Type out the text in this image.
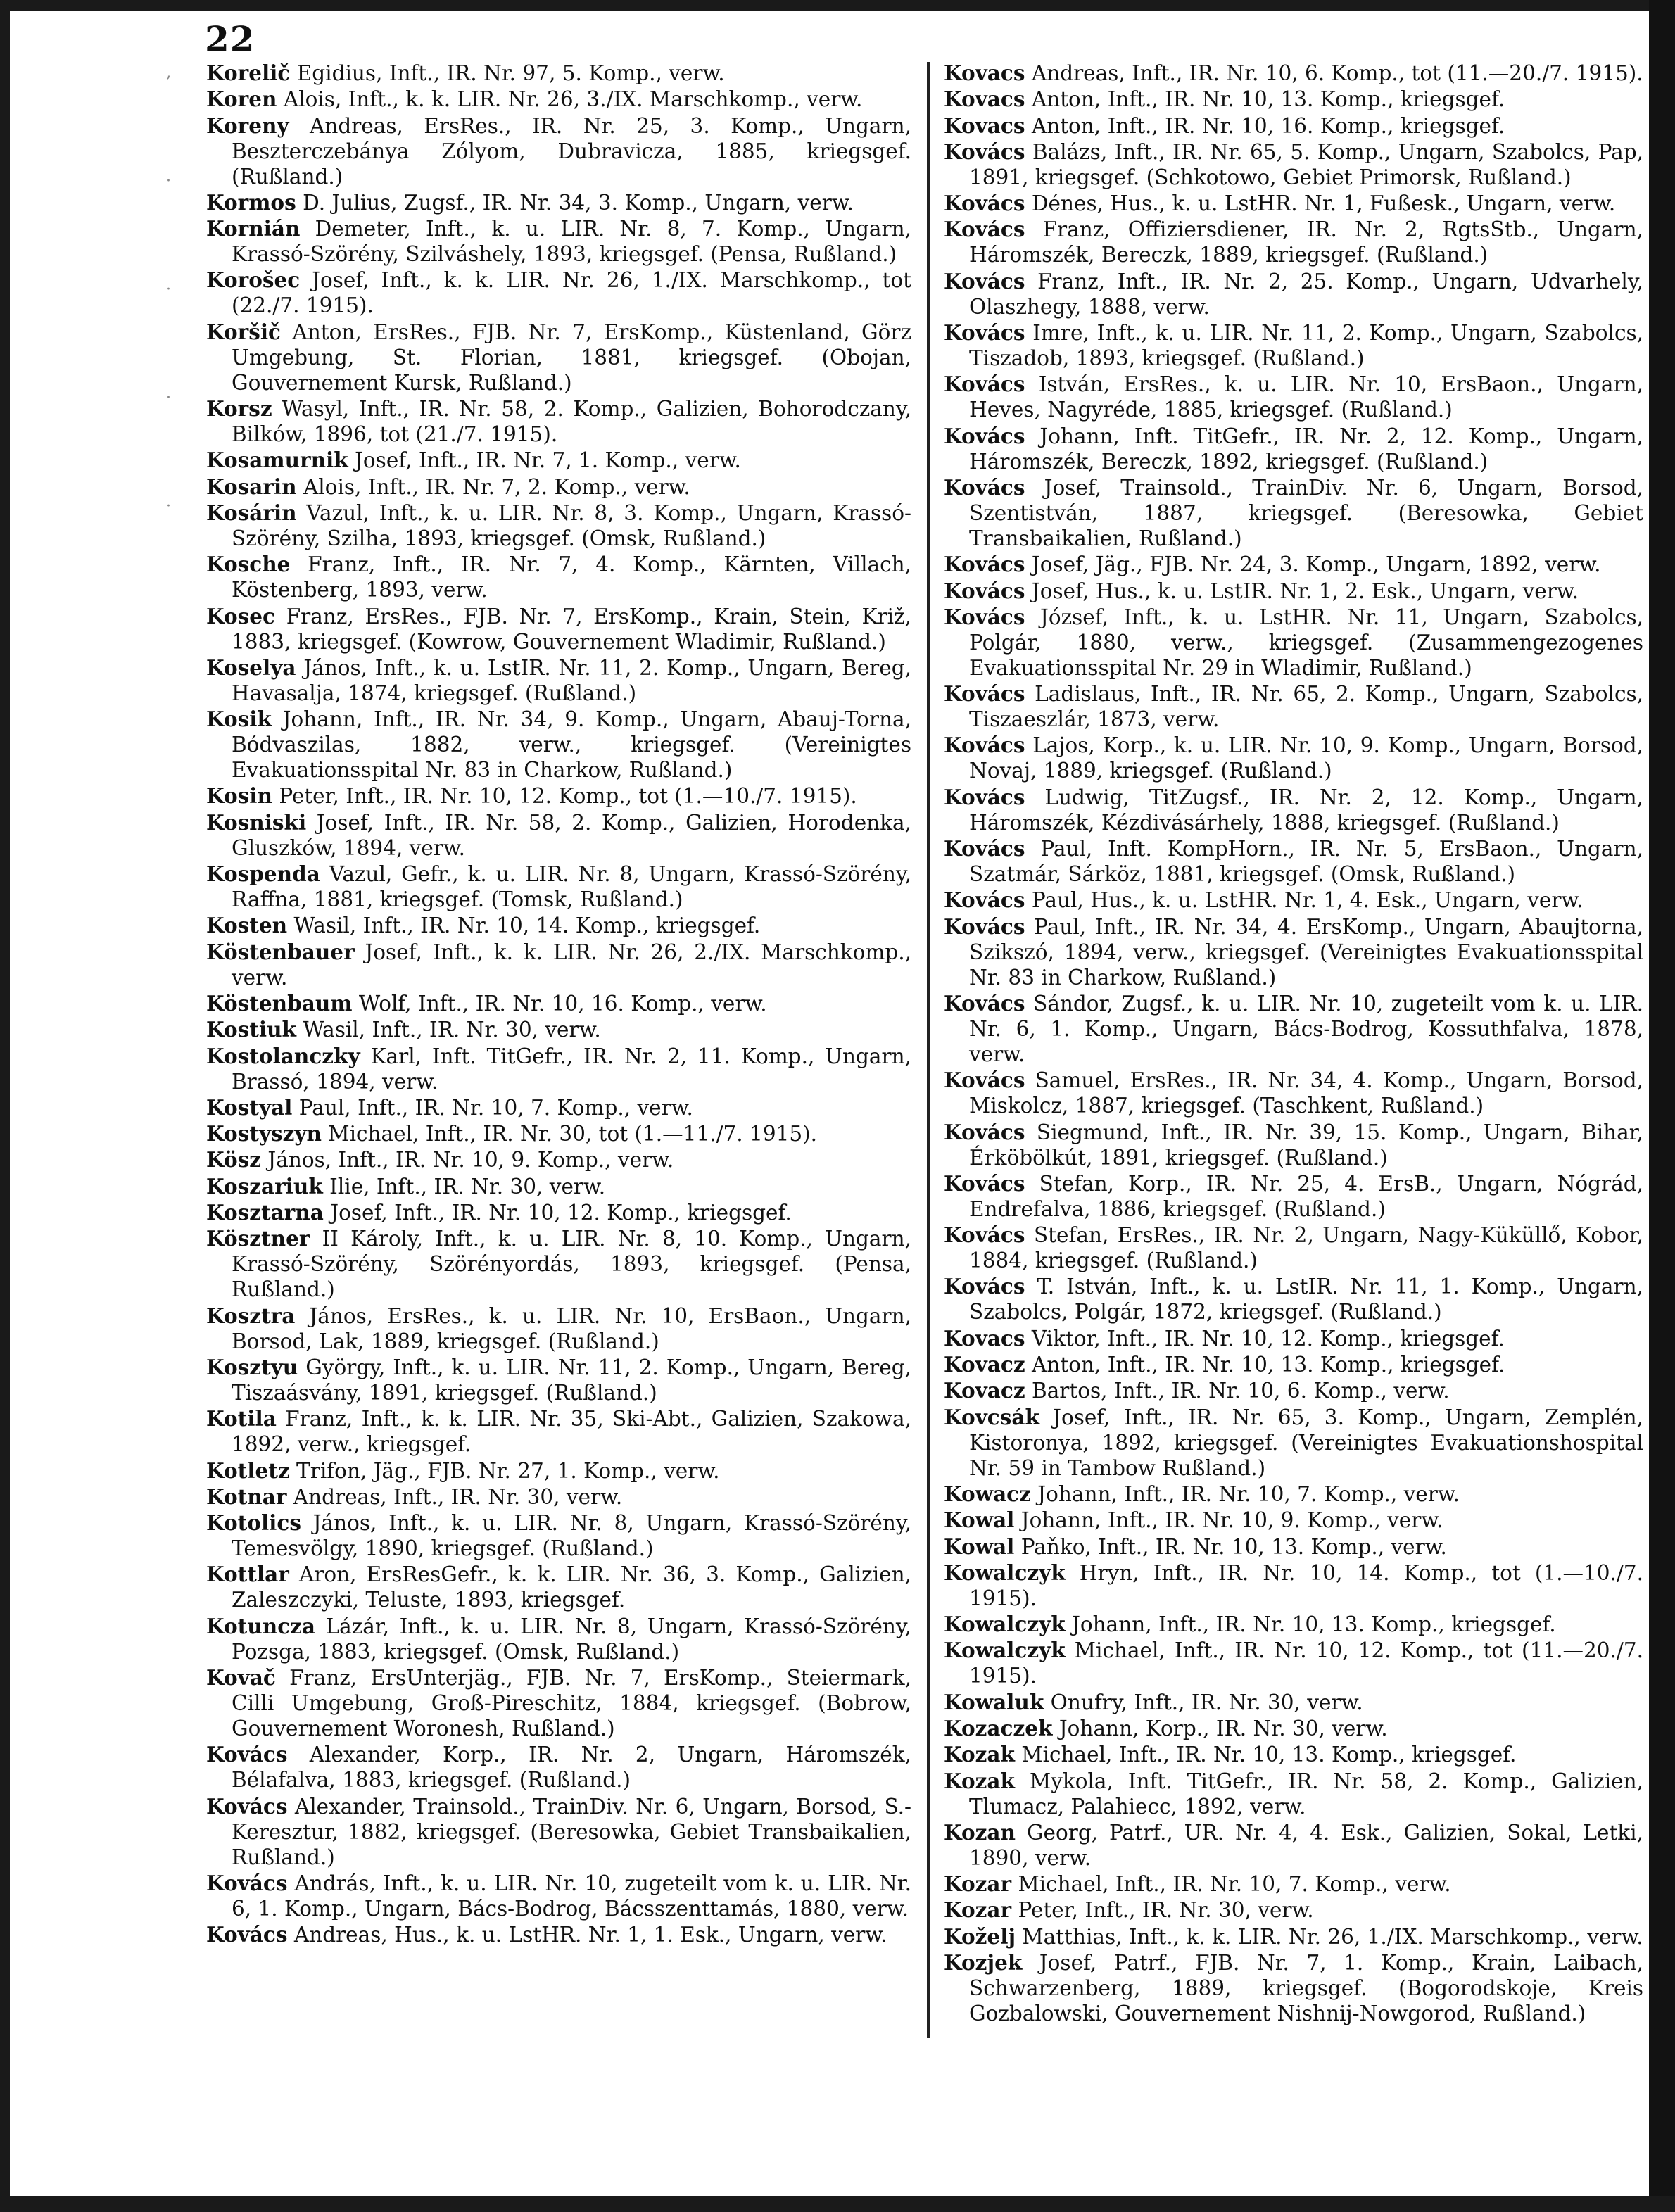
22
‚
·
·
·
·

Korelič Egidius, Inft., IR. Nr. 97, 5. Komp., verw.

Koren Alois, Inft., k. k. LIR. Nr. 26, 3./IX. Marschkomp., verw.

Koreny Andreas, ErsRes., IR. Nr. 25, 3. Komp., Ungarn, Beszterczebánya Zólyom, Dubravicza, 1885, kriegsgef. (Rußland.)

Kormos D. Julius, Zugsf., IR. Nr. 34, 3. Komp., Ungarn, verw.

Kornián Demeter, Inft., k. u. LIR. Nr. 8, 7. Komp., Ungarn, Krassó-Szörény, Szilváshely, 1893, kriegsgef. (Pensa, Rußland.)

Korošec Josef, Inft., k. k. LIR. Nr. 26, 1./IX. Marschkomp., tot (22./7. 1915).

Koršič Anton, ErsRes., FJB. Nr. 7, ErsKomp., Küstenland, Görz Umgebung, St. Florian, 1881, kriegsgef. (Obojan, Gouvernement Kursk, Rußland.)

Korsz Wasyl, Inft., IR. Nr. 58, 2. Komp., Galizien, Bohorodczany, Bilków, 1896, tot (21./7. 1915).

Kosamurnik Josef, Inft., IR. Nr. 7, 1. Komp., verw.

Kosarin Alois, Inft., IR. Nr. 7, 2. Komp., verw.

Kosárin Vazul, Inft., k. u. LIR. Nr. 8, 3. Komp., Ungarn, Krassó-Szörény, Szilha, 1893, kriegsgef. (Omsk, Rußland.)

Kosche Franz, Inft., IR. Nr. 7, 4. Komp., Kärnten, Villach, Köstenberg, 1893, verw.

Kosec Franz, ErsRes., FJB. Nr. 7, ErsKomp., Krain, Stein, Križ, 1883, kriegsgef. (Kowrow, Gouvernement Wladimir, Rußland.)

Koselya János, Inft., k. u. LstIR. Nr. 11, 2. Komp., Ungarn, Bereg, Havasalja, 1874, kriegsgef. (Rußland.)

Kosik Johann, Inft., IR. Nr. 34, 9. Komp., Ungarn, Abauj-Torna, Bódvaszilas, 1882, verw., kriegsgef. (Vereinigtes Evakuationsspital Nr. 83 in Charkow, Rußland.)

Kosin Peter, Inft., IR. Nr. 10, 12. Komp., tot (1.—10./7. 1915).

Kosniski Josef, Inft., IR. Nr. 58, 2. Komp., Galizien, Horodenka, Gluszków, 1894, verw.

Kospenda Vazul, Gefr., k. u. LIR. Nr. 8, Ungarn, Krassó-Szörény, Raffna, 1881, kriegsgef. (Tomsk, Rußland.)

Kosten Wasil, Inft., IR. Nr. 10, 14. Komp., kriegsgef.

Köstenbauer Josef, Inft., k. k. LIR. Nr. 26, 2./IX. Marschkomp., verw.

Köstenbaum Wolf, Inft., IR. Nr. 10, 16. Komp., verw.

Kostiuk Wasil, Inft., IR. Nr. 30, verw.

Kostolanczky Karl, Inft. TitGefr., IR. Nr. 2, 11. Komp., Ungarn, Brassó, 1894, verw.

Kostyal Paul, Inft., IR. Nr. 10, 7. Komp., verw.

Kostyszyn Michael, Inft., IR. Nr. 30, tot (1.—11./7. 1915).

Kösz János, Inft., IR. Nr. 10, 9. Komp., verw.

Koszariuk Ilie, Inft., IR. Nr. 30, verw.

Kosztarna Josef, Inft., IR. Nr. 10, 12. Komp., kriegsgef.

Kösztner II Károly, Inft., k. u. LIR. Nr. 8, 10. Komp., Ungarn, Krassó-Szörény, Szörényordás, 1893, kriegsgef. (Pensa, Rußland.)

Kosztra János, ErsRes., k. u. LIR. Nr. 10, ErsBaon., Ungarn, Borsod, Lak, 1889, kriegsgef. (Rußland.)

Kosztyu György, Inft., k. u. LIR. Nr. 11, 2. Komp., Ungarn, Bereg, Tiszaásvány, 1891, kriegsgef. (Rußland.)

Kotila Franz, Inft., k. k. LIR. Nr. 35, Ski-Abt., Galizien, Szakowa, 1892, verw., kriegsgef.

Kotletz Trifon, Jäg., FJB. Nr. 27, 1. Komp., verw.

Kotnar Andreas, Inft., IR. Nr. 30, verw.

Kotolics János, Inft., k. u. LIR. Nr. 8, Ungarn, Krassó-Szörény, Temesvölgy, 1890, kriegsgef. (Rußland.)

Kottlar Aron, ErsResGefr., k. k. LIR. Nr. 36, 3. Komp., Galizien, Zaleszczyki, Teluste, 1893, kriegsgef.

Kotuncza Lázár, Inft., k. u. LIR. Nr. 8, Ungarn, Krassó-Szörény, Pozsga, 1883, kriegsgef. (Omsk, Rußland.)

Kovač Franz, ErsUnterjäg., FJB. Nr. 7, ErsKomp., Steiermark, Cilli Umgebung, Groß-Pireschitz, 1884, kriegsgef. (Bobrow, Gouvernement Woronesh, Rußland.)

Kovács Alexander, Korp., IR. Nr. 2, Ungarn, Háromszék, Bélafalva, 1883, kriegsgef. (Rußland.)

Kovács Alexander, Trainsold., TrainDiv. Nr. 6, Ungarn, Borsod, S.-Keresztur, 1882, kriegsgef. (Beresowka, Gebiet Transbaikalien, Rußland.)

Kovács András, Inft., k. u. LIR. Nr. 10, zugeteilt vom k. u. LIR. Nr. 6, 1. Komp., Ungarn, Bács-Bodrog, Bácsszenttamás, 1880, verw.

Kovács Andreas, Hus., k. u. LstHR. Nr. 1, 1. Esk., Ungarn, verw.

Kovacs Andreas, Inft., IR. Nr. 10, 6. Komp., tot (11.—20./7. 1915).

Kovacs Anton, Inft., IR. Nr. 10, 13. Komp., kriegsgef.

Kovacs Anton, Inft., IR. Nr. 10, 16. Komp., kriegsgef.

Kovács Balázs, Inft., IR. Nr. 65, 5. Komp., Ungarn, Szabolcs, Pap, 1891, kriegsgef. (Schkotowo, Gebiet Primorsk, Rußland.)

Kovács Dénes, Hus., k. u. LstHR. Nr. 1, Fußesk., Ungarn, verw.

Kovács Franz, Offiziersdiener, IR. Nr. 2, RgtsStb., Ungarn, Háromszék, Bereczk, 1889, kriegsgef. (Rußland.)

Kovács Franz, Inft., IR. Nr. 2, 25. Komp., Ungarn, Udvarhely, Olaszhegy, 1888, verw.

Kovács Imre, Inft., k. u. LIR. Nr. 11, 2. Komp., Ungarn, Szabolcs, Tiszadob, 1893, kriegsgef. (Rußland.)

Kovács István, ErsRes., k. u. LIR. Nr. 10, ErsBaon., Ungarn, Heves, Nagyréde, 1885, kriegsgef. (Rußland.)

Kovács Johann, Inft. TitGefr., IR. Nr. 2, 12. Komp., Ungarn, Háromszék, Bereczk, 1892, kriegsgef. (Rußland.)

Kovács Josef, Trainsold., TrainDiv. Nr. 6, Ungarn, Borsod, Szentistván, 1887, kriegsgef. (Beresowka, Gebiet Transbaikalien, Rußland.)

Kovács Josef, Jäg., FJB. Nr. 24, 3. Komp., Ungarn, 1892, verw.

Kovács Josef, Hus., k. u. LstIR. Nr. 1, 2. Esk., Ungarn, verw.

Kovács József, Inft., k. u. LstHR. Nr. 11, Ungarn, Szabolcs, Polgár, 1880, verw., kriegsgef. (Zusammengezogenes Evakuationsspital Nr. 29 in Wladimir, Rußland.)

Kovács Ladislaus, Inft., IR. Nr. 65, 2. Komp., Ungarn, Szabolcs, Tiszaeszlár, 1873, verw.

Kovács Lajos, Korp., k. u. LIR. Nr. 10, 9. Komp., Ungarn, Borsod, Novaj, 1889, kriegsgef. (Rußland.)

Kovács Ludwig, TitZugsf., IR. Nr. 2, 12. Komp., Ungarn, Háromszék, Kézdivásárhely, 1888, kriegsgef. (Rußland.)

Kovács Paul, Inft. KompHorn., IR. Nr. 5, ErsBaon., Ungarn, Szatmár, Sárköz, 1881, kriegsgef. (Omsk, Rußland.)

Kovács Paul, Hus., k. u. LstHR. Nr. 1, 4. Esk., Ungarn, verw.

Kovács Paul, Inft., IR. Nr. 34, 4. ErsKomp., Ungarn, Abaujtorna, Szikszó, 1894, verw., kriegsgef. (Vereinigtes Evakuationsspital Nr. 83 in Charkow, Rußland.)

Kovács Sándor, Zugsf., k. u. LIR. Nr. 10, zugeteilt vom k. u. LIR. Nr. 6, 1. Komp., Ungarn, Bács-Bodrog, Kossuthfalva, 1878, verw.

Kovács Samuel, ErsRes., IR. Nr. 34, 4. Komp., Ungarn, Borsod, Miskolcz, 1887, kriegsgef. (Taschkent, Rußland.)

Kovács Siegmund, Inft., IR. Nr. 39, 15. Komp., Ungarn, Bihar, Érköbölkút, 1891, kriegsgef. (Rußland.)

Kovács Stefan, Korp., IR. Nr. 25, 4. ErsB., Ungarn, Nógrád, Endrefalva, 1886, kriegsgef. (Rußland.)

Kovács Stefan, ErsRes., IR. Nr. 2, Ungarn, Nagy-Küküllő, Kobor, 1884, kriegsgef. (Rußland.)

Kovács T. István, Inft., k. u. LstIR. Nr. 11, 1. Komp., Ungarn, Szabolcs, Polgár, 1872, kriegsgef. (Rußland.)

Kovacs Viktor, Inft., IR. Nr. 10, 12. Komp., kriegsgef.

Kovacz Anton, Inft., IR. Nr. 10, 13. Komp., kriegsgef.

Kovacz Bartos, Inft., IR. Nr. 10, 6. Komp., verw.

Kovcsák Josef, Inft., IR. Nr. 65, 3. Komp., Ungarn, Zemplén, Kistoronya, 1892, kriegsgef. (Vereinigtes Evakuationshospital Nr. 59 in Tambow Rußland.)

Kowacz Johann, Inft., IR. Nr. 10, 7. Komp., verw.

Kowal Johann, Inft., IR. Nr. 10, 9. Komp., verw.

Kowal Paňko, Inft., IR. Nr. 10, 13. Komp., verw.

Kowalczyk Hryn, Inft., IR. Nr. 10, 14. Komp., tot (1.—10./7. 1915).

Kowalczyk Johann, Inft., IR. Nr. 10, 13. Komp., kriegsgef.

Kowalczyk Michael, Inft., IR. Nr. 10, 12. Komp., tot (11.—20./7. 1915).

Kowaluk Onufry, Inft., IR. Nr. 30, verw.

Kozaczek Johann, Korp., IR. Nr. 30, verw.

Kozak Michael, Inft., IR. Nr. 10, 13. Komp., kriegsgef.

Kozak Mykola, Inft. TitGefr., IR. Nr. 58, 2. Komp., Galizien, Tlumacz, Palahiecc, 1892, verw.

Kozan Georg, Patrf., UR. Nr. 4, 4. Esk., Galizien, Sokal, Letki, 1890, verw.

Kozar Michael, Inft., IR. Nr. 10, 7. Komp., verw.

Kozar Peter, Inft., IR. Nr. 30, verw.

Koželj Matthias, Inft., k. k. LIR. Nr. 26, 1./IX. Marschkomp., verw.

Kozjek Josef, Patrf., FJB. Nr. 7, 1. Komp., Krain, Laibach, Schwarzenberg, 1889, kriegsgef. (Bogorodskoje, Kreis Gozbalowski, Gouvernement Nishnij-Nowgorod, Rußland.)
